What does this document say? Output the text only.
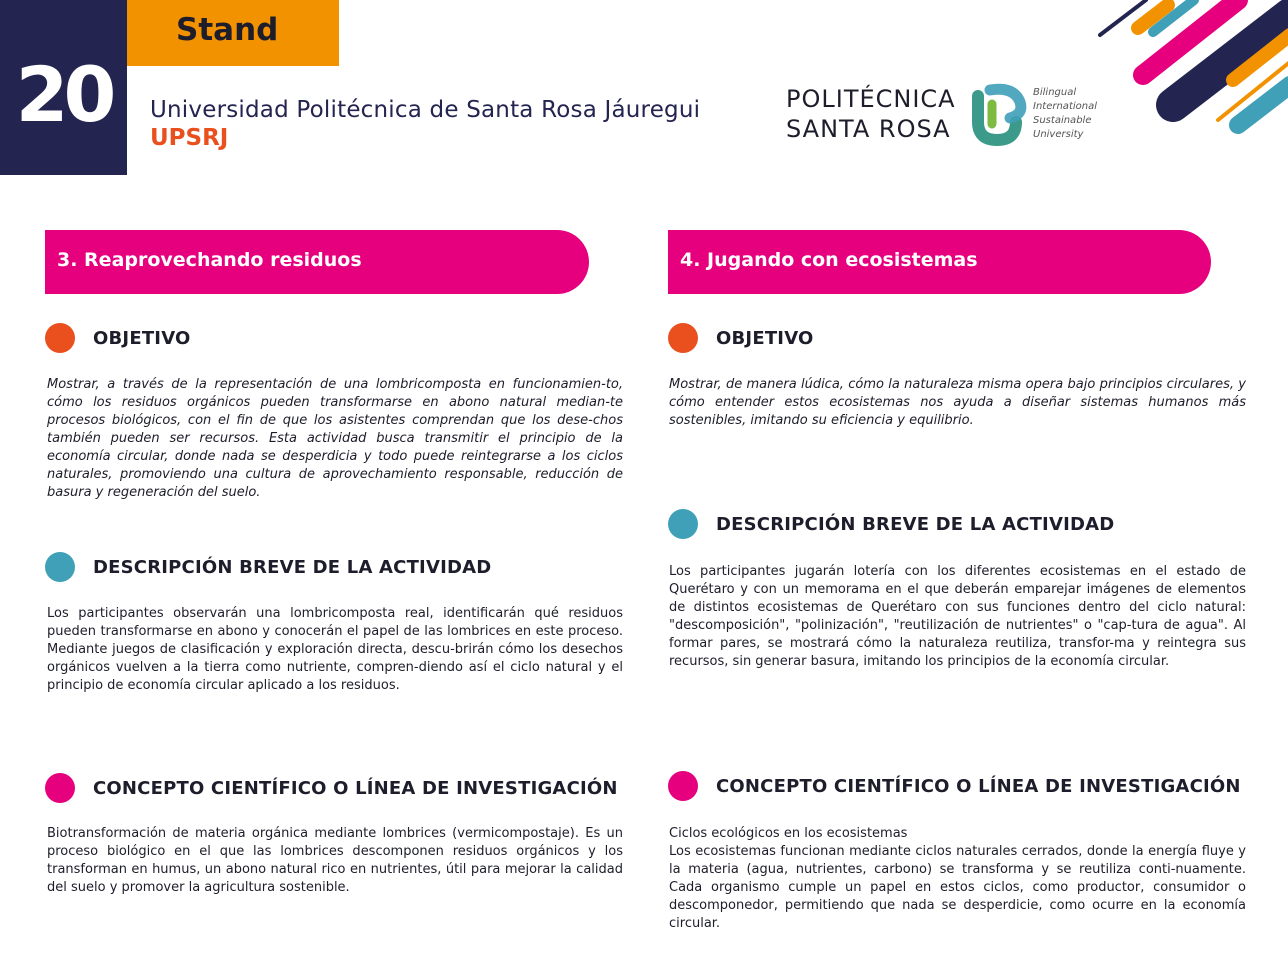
20
Stand
Universidad Politécnica de Santa Rosa Jáuregui
UPSRJ
POLITÉCNICA
SANTA ROSA
Bilingual
International
Sustainable
University
3. Reaprovechando residuos
OBJETIVO
Mostrar, a través de la representación de una lombricomposta en funcionamien-to, cómo los residuos orgánicos pueden transformarse en abono natural median-te procesos biológicos, con el fin de que los asistentes comprendan que los dese-chos también pueden ser recursos. Esta actividad busca transmitir el principio de la economía circular, donde nada se desperdicia y todo puede reintegrarse a los ciclos naturales, promoviendo una cultura de aprovechamiento responsable, reducción de basura y regeneración del suelo.
DESCRIPCIÓN BREVE DE LA ACTIVIDAD
Los participantes observarán una lombricomposta real, identificarán qué residuos pueden transformarse en abono y conocerán el papel de las lombrices en este proceso. Mediante juegos de clasificación y exploración directa, descu-brirán cómo los desechos orgánicos vuelven a la tierra como nutriente, compren-diendo así el ciclo natural y el principio de economía circular aplicado a los residuos.
CONCEPTO CIENTÍFICO O LÍNEA DE INVESTIGACIÓN
Biotransformación de materia orgánica mediante lombrices (vermicompostaje). Es un proceso biológico en el que las lombrices descomponen residuos orgánicos y los transforman en humus, un abono natural rico en nutrientes, útil para mejorar la calidad del suelo y promover la agricultura sostenible.
4. Jugando con ecosistemas
OBJETIVO
Mostrar, de manera lúdica, cómo la naturaleza misma opera bajo principios circulares, y cómo entender estos ecosistemas nos ayuda a diseñar sistemas humanos más sostenibles, imitando su eficiencia y equilibrio.
DESCRIPCIÓN BREVE DE LA ACTIVIDAD
Los participantes jugarán lotería con los diferentes ecosistemas en el estado de Querétaro y con un memorama en el que deberán emparejar imágenes de elementos de distintos ecosistemas de Querétaro con sus funciones dentro del ciclo natural: "descomposición", "polinización", "reutilización de nutrientes" o "cap-tura de agua". Al formar pares, se mostrará cómo la naturaleza reutiliza, transfor-ma y reintegra sus recursos, sin generar basura, imitando los principios de la economía circular.
CONCEPTO CIENTÍFICO O LÍNEA DE INVESTIGACIÓN

Ciclos ecológicos en los ecosistemas

Los ecosistemas funcionan mediante ciclos naturales cerrados, donde la energía fluye y la materia (agua, nutrientes, carbono) se transforma y se reutiliza conti-nuamente. Cada organismo cumple un papel en estos ciclos, como productor, consumidor o descomponedor, permitiendo que nada se desperdicie, como ocurre en la economía circular.
